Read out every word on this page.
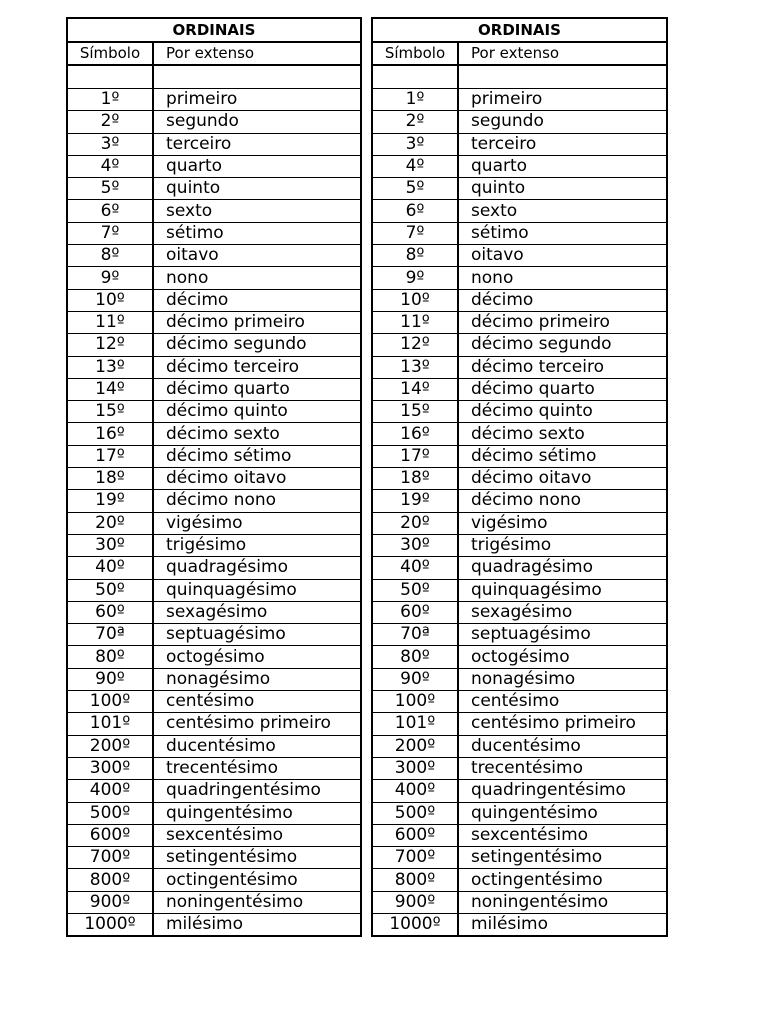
ORDINAIS	
Símbolo	Por extenso

1º	primeiro
2º	segundo
3º	terceiro
4º	quarto
5º	quinto
6º	sexto
7º	sétimo
8º	oitavo
9º	nono
10º	décimo
11º	décimo primeiro
12º	décimo segundo
13º	décimo terceiro
14º	décimo quarto
15º	décimo quinto
16º	décimo sexto
17º	décimo sétimo
18º	décimo oitavo
19º	décimo nono
20º	vigésimo
30º	trigésimo
40º	quadragésimo
50º	quinquagésimo
60º	sexagésimo
70ª	septuagésimo
80º	octogésimo
90º	nonagésimo
100º	centésimo
101º	centésimo primeiro
200º	ducentésimo
300º	trecentésimo
400º	quadringentésimo
500º	quingentésimo
600º	sexcentésimo
700º	setingentésimo
800º	octingentésimo
900º	noningentésimo
1000º	milésimo
ORDINAIS	
Símbolo	Por extenso

1º	primeiro
2º	segundo
3º	terceiro
4º	quarto
5º	quinto
6º	sexto
7º	sétimo
8º	oitavo
9º	nono
10º	décimo
11º	décimo primeiro
12º	décimo segundo
13º	décimo terceiro
14º	décimo quarto
15º	décimo quinto
16º	décimo sexto
17º	décimo sétimo
18º	décimo oitavo
19º	décimo nono
20º	vigésimo
30º	trigésimo
40º	quadragésimo
50º	quinquagésimo
60º	sexagésimo
70ª	septuagésimo
80º	octogésimo
90º	nonagésimo
100º	centésimo
101º	centésimo primeiro
200º	ducentésimo
300º	trecentésimo
400º	quadringentésimo
500º	quingentésimo
600º	sexcentésimo
700º	setingentésimo
800º	octingentésimo
900º	noningentésimo
1000º	milésimo
